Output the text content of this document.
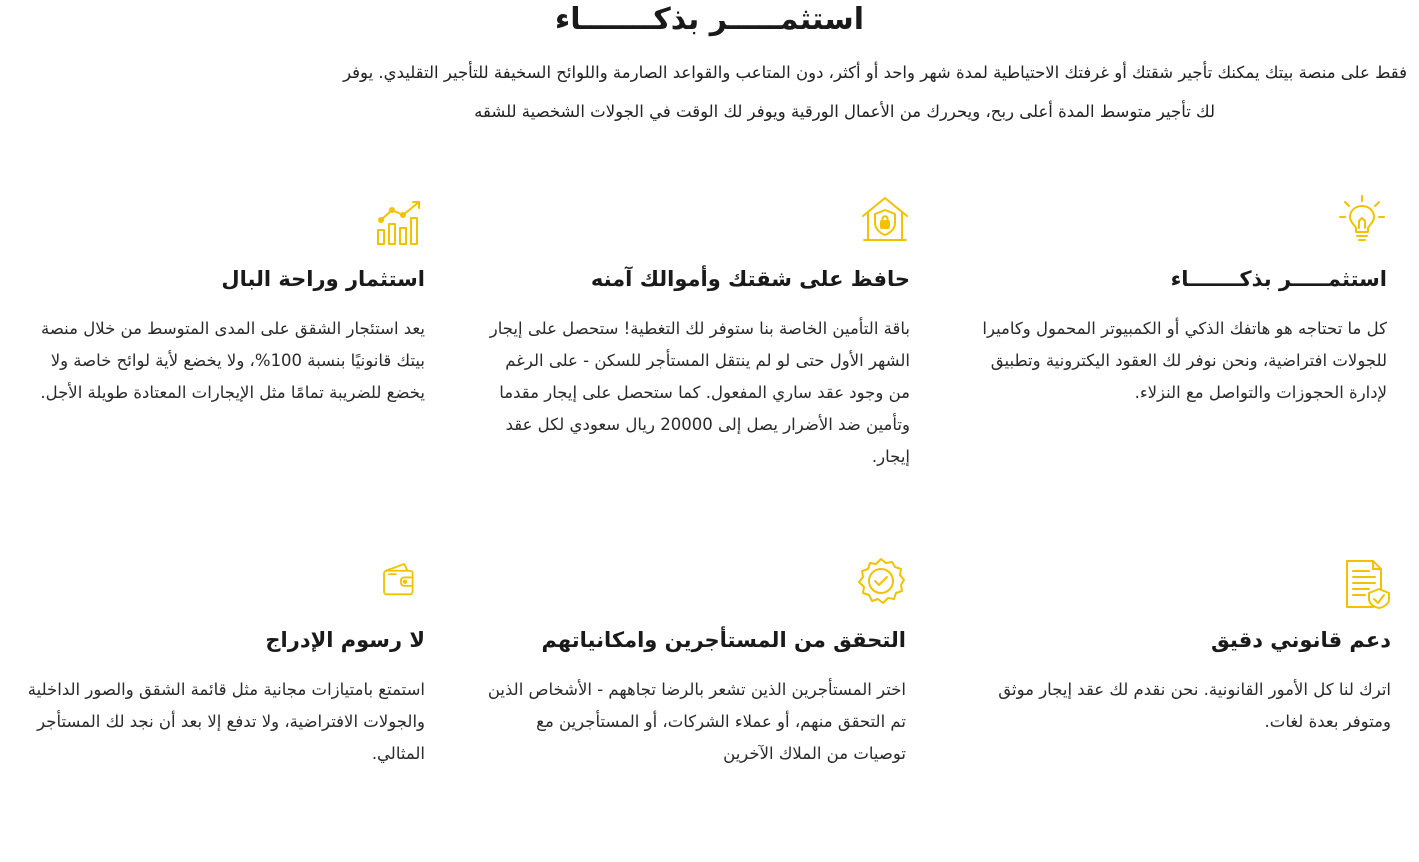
استثمـــــر بذكـــــــاء

فقط على منصة بيتك يمكنك تأجير شقتك أو غرفتك الاحتياطية لمدة شهر واحد أو أكثر، دون المتاعب والقواعد الصارمة واللوائح السخيفة للتأجير التقليدي. يوفر

لك تأجير متوسط المدة أعلى ربح، ويحررك من الأعمال الورقية ويوفر لك الوقت في الجولات الشخصية للشقه

استثمـــــر بذكـــــــاء

كل ما تحتاجه هو هاتفك الذكي أو الكمبيوتر المحمول وكاميرا للجولات افتراضية، ونحن نوفر لك العقود اليكترونية وتطبيق لإدارة الحجوزات والتواصل مع النزلاء.

حافظ على شقتك وأموالك آمنه

باقة التأمين الخاصة بنا ستوفر لك التغطية! ستحصل على إيجار الشهر الأول حتى لو لم ينتقل المستأجر للسكن - على الرغم من وجود عقد ساري المفعول. كما ستحصل على إيجار مقدما وتأمين ضد الأضرار يصل إلى 20000 ريال سعودي لكل عقد إيجار.

استثمار وراحة البال

يعد استئجار الشقق على المدى المتوسط من خلال منصة بيتك قانونيًا بنسبة 100%، ولا يخضع لأية لوائح خاصة ولا يخضع للضريبة تمامًا مثل الإيجارات المعتادة طويلة الأجل.

دعم قانوني دقيق

اترك لنا كل الأمور القانونية. نحن نقدم لك عقد إيجار موثق ومتوفر بعدة لغات.

التحقق من المستأجرين وامكانياتهم

اختر المستأجرين الذين تشعر بالرضا تجاههم - الأشخاص الذين تم التحقق منهم، أو عملاء الشركات، أو المستأجرين مع توصيات من الملاك الآخرين

لا رسوم الإدراج

استمتع بامتيازات مجانية مثل قائمة الشقق والصور الداخلية والجولات الافتراضية، ولا تدفع إلا بعد أن نجد لك المستأجر المثالي.
